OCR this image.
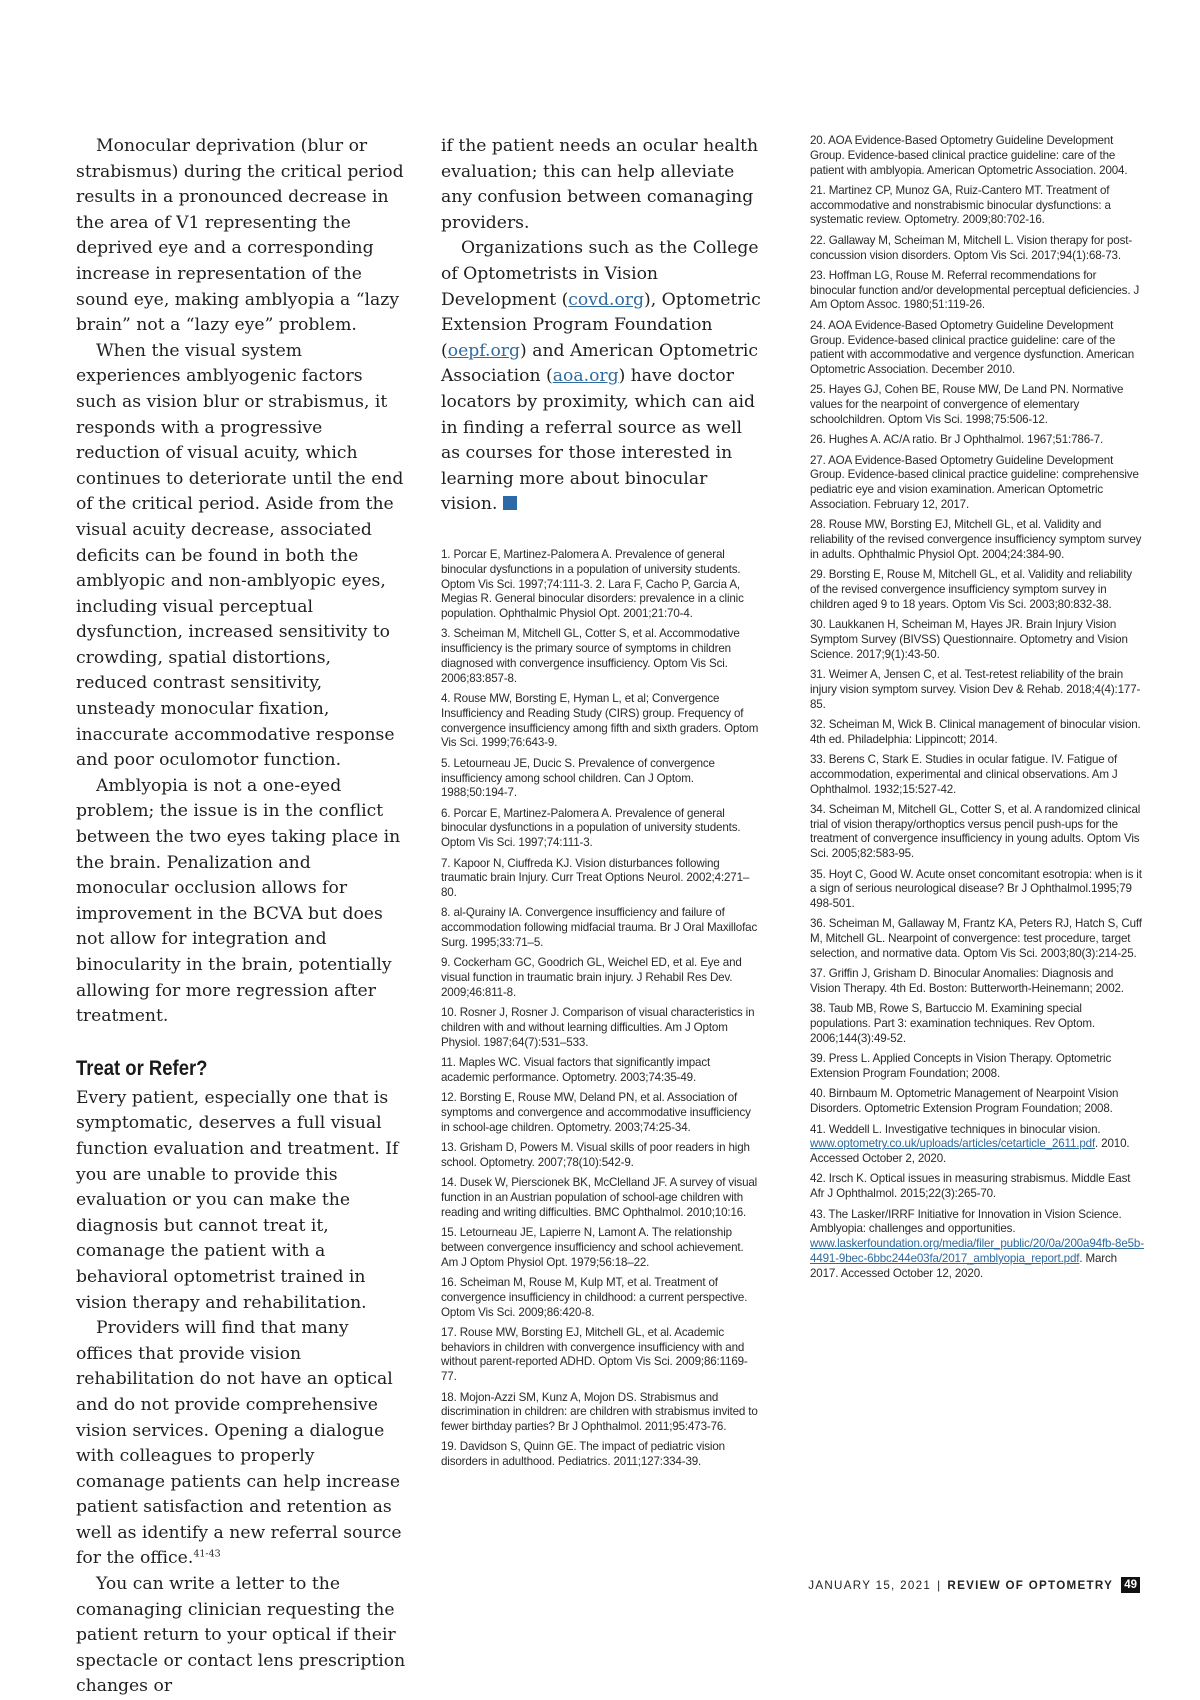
Monocular deprivation (blur or strabismus) during the critical period results in a pronounced decrease in the area of V1 representing the deprived eye and a corresponding increase in representation of the sound eye, making amblyopia a “lazy brain” not a “lazy eye” problem.

When the visual system experiences amblyogenic factors such as vision blur or strabismus, it responds with a progressive reduction of visual acuity, which continues to deteriorate until the end of the critical period. Aside from the visual acuity decrease, associated deficits can be found in both the amblyopic and non-amblyopic eyes, including visual perceptual dysfunction, increased sensitivity to crowding, spatial distortions, reduced contrast sensitivity, unsteady monocular fixation, inaccurate accommodative response and poor oculomotor function.

Amblyopia is not a one-eyed problem; the issue is in the conflict between the two eyes taking place in the brain. Penalization and monocular occlusion allows for improvement in the BCVA but does not allow for integration and binocularity in the brain, potentially allowing for more regression after treatment.

Treat or Refer?

Every patient, especially one that is symptomatic, deserves a full visual function evaluation and treatment. If you are unable to provide this evaluation or you can make the diagnosis but cannot treat it, comanage the patient with a behavioral optometrist trained in vision therapy and rehabilitation.

Providers will find that many offices that provide vision rehabilitation do not have an optical and do not provide comprehensive vision services. Opening a dialogue with colleagues to properly comanage patients can help increase patient satisfaction and retention as well as identify a new referral source for the office.$^{41-43}$

You can write a letter to the comanaging clinician requesting the patient return to your optical if their spectacle or contact lens prescription changes or

if the patient needs an ocular health evaluation; this can help alleviate any confusion between comanaging providers.

Organizations such as the College of Optometrists in Vision Development (covd.org), Optometric Extension Program Foundation (oepf.org) and American Optometric Association (aoa.org) have doctor locators by proximity, which can aid in finding a referral source as well as courses for those interested in learning more about binocular vision.

1. Porcar E, Martinez-Palomera A. Prevalence of general binocular dysfunctions in a population of university students. Optom Vis Sci. 1997;74:111-3. 2. Lara F, Cacho P, Garcia A, Megias R. General binocular disorders: prevalence in a clinic population. Ophthalmic Physiol Opt. 2001;21:70-4.

3. Scheiman M, Mitchell GL, Cotter S, et al. Accommodative insufficiency is the primary source of symptoms in children diagnosed with convergence insufficiency. Optom Vis Sci. 2006;83:857-8.

4. Rouse MW, Borsting E, Hyman L, et al; Convergence Insufficiency and Reading Study (CIRS) group. Frequency of convergence insufficiency among fifth and sixth graders. Optom Vis Sci. 1999;76:643-9.

5. Letourneau JE, Ducic S. Prevalence of convergence insufficiency among school children. Can J Optom. 1988;50:194-7.

6. Porcar E, Martinez-Palomera A. Prevalence of general binocular dysfunctions in a population of university students. Optom Vis Sci. 1997;74:111-3.

7. Kapoor N, Ciuffreda KJ. Vision disturbances following traumatic brain Injury. Curr Treat Options Neurol. 2002;4:271–80.

8. al-Qurainy IA. Convergence insufficiency and failure of accommodation following midfacial trauma. Br J Oral Maxillofac Surg. 1995;33:71–5.

9. Cockerham GC, Goodrich GL, Weichel ED, et al. Eye and visual function in traumatic brain injury. J Rehabil Res Dev. 2009;46:811-8.

10. Rosner J, Rosner J. Comparison of visual characteristics in children with and without learning difficulties. Am J Optom Physiol. 1987;64(7):531–533.

11. Maples WC. Visual factors that significantly impact academic performance. Optometry. 2003;74:35-49.

12. Borsting E, Rouse MW, Deland PN, et al. Association of symptoms and convergence and accommodative insufficiency in school-age children. Optometry. 2003;74:25-34.

13. Grisham D, Powers M. Visual skills of poor readers in high school. Optometry. 2007;78(10):542-9.

14. Dusek W, Pierscionek BK, McClelland JF. A survey of visual function in an Austrian population of school-age children with reading and writing difficulties. BMC Ophthalmol. 2010;10:16.

15. Letourneau JE, Lapierre N, Lamont A. The relationship between convergence insufficiency and school achievement. Am J Optom Physiol Opt. 1979;56:18–22.

16. Scheiman M, Rouse M, Kulp MT, et al. Treatment of convergence insufficiency in childhood: a current perspective. Optom Vis Sci. 2009;86:420-8.

17. Rouse MW, Borsting EJ, Mitchell GL, et al. Academic behaviors in children with convergence insufficiency with and without parent-reported ADHD. Optom Vis Sci. 2009;86:1169-77.

18. Mojon-Azzi SM, Kunz A, Mojon DS. Strabismus and discrimination in children: are children with strabismus invited to fewer birthday parties? Br J Ophthalmol. 2011;95:473-76.

19. Davidson S, Quinn GE. The impact of pediatric vision disorders in adulthood. Pediatrics. 2011;127:334-39.

20. AOA Evidence-Based Optometry Guideline Development Group. Evidence-based clinical practice guideline: care of the patient with amblyopia. American Optometric Association. 2004.

21. Martinez CP, Munoz GA, Ruiz-Cantero MT. Treatment of accommodative and nonstrabismic binocular dysfunctions: a systematic review. Optometry. 2009;80:702-16.

22. Gallaway M, Scheiman M, Mitchell L. Vision therapy for post-concussion vision disorders. Optom Vis Sci. 2017;94(1):68-73.

23. Hoffman LG, Rouse M. Referral recommendations for binocular function and/or developmental perceptual deficiencies. J Am Optom Assoc. 1980;51:119-26.

24. AOA Evidence-Based Optometry Guideline Development Group. Evidence-based clinical practice guideline: care of the patient with accommodative and vergence dysfunction. American Optometric Association. December 2010.

25. Hayes GJ, Cohen BE, Rouse MW, De Land PN. Normative values for the nearpoint of convergence of elementary schoolchildren. Optom Vis Sci. 1998;75:506-12.

26. Hughes A. AC/A ratio. Br J Ophthalmol. 1967;51:786-7.

27. AOA Evidence-Based Optometry Guideline Development Group. Evidence-based clinical practice guideline: comprehensive pediatric eye and vision examination. American Optometric Association. February 12, 2017.

28. Rouse MW, Borsting EJ, Mitchell GL, et al. Validity and reliability of the revised convergence insufficiency symptom survey in adults. Ophthalmic Physiol Opt. 2004;24:384-90.

29. Borsting E, Rouse M, Mitchell GL, et al. Validity and reliability of the revised convergence insufficiency symptom survey in children aged 9 to 18 years. Optom Vis Sci. 2003;80:832-38.

30. Laukkanen H, Scheiman M, Hayes JR. Brain Injury Vision Symptom Survey (BIVSS) Questionnaire. Optometry and Vision Science. 2017;9(1):43-50.

31. Weimer A, Jensen C, et al. Test-retest reliability of the brain injury vision symptom survey. Vision Dev & Rehab. 2018;4(4):177-85.

32. Scheiman M, Wick B. Clinical management of binocular vision. 4th ed. Philadelphia: Lippincott; 2014.

33. Berens C, Stark E. Studies in ocular fatigue. IV. Fatigue of accommodation, experimental and clinical observations. Am J Ophthalmol. 1932;15:527-42.

34. Scheiman M, Mitchell GL, Cotter S, et al. A randomized clinical trial of vision therapy/orthoptics versus pencil push-ups for the treatment of convergence insufficiency in young adults. Optom Vis Sci. 2005;82:583-95.

35. Hoyt C, Good W. Acute onset concomitant esotropia: when is it a sign of serious neurological disease? Br J Ophthalmol.1995;79 498-501.

36. Scheiman M, Gallaway M, Frantz KA, Peters RJ, Hatch S, Cuff M, Mitchell GL. Nearpoint of convergence: test procedure, target selection, and normative data. Optom Vis Sci. 2003;80(3):214-25.

37. Griffin J, Grisham D. Binocular Anomalies: Diagnosis and Vision Therapy. 4th Ed. Boston: Butterworth-Heinemann; 2002.

38. Taub MB, Rowe S, Bartuccio M. Examining special populations. Part 3: examination techniques. Rev Optom. 2006;144(3):49-52.

39. Press L. Applied Concepts in Vision Therapy. Optometric Extension Program Foundation; 2008.

40. Birnbaum M. Optometric Management of Nearpoint Vision Disorders. Optometric Extension Program Foundation; 2008.

41. Weddell L. Investigative techniques in binocular vision. www.optometry.co.uk/uploads/articles/cetarticle_2611.pdf. 2010. Accessed October 2, 2020.

42. Irsch K. Optical issues in measuring strabismus. Middle East Afr J Ophthalmol. 2015;22(3):265-70.

43. The Lasker/IRRF Initiative for Innovation in Vision Science. Amblyopia: challenges and opportunities. www.laskerfoundation.org/media/filer_public/20/0a/200a94fb-8e5b-4491-9bec-6bbc244e03fa/2017_amblyopia_report.pdf. March 2017. Accessed October 12, 2020.

JANUARY 15, 2021 | REVIEW OF OPTOMETRY 49
